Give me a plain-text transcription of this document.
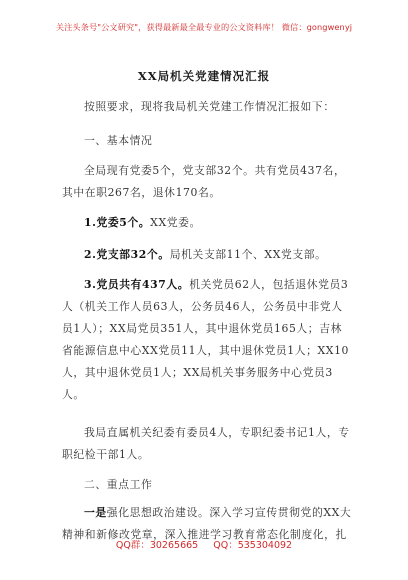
关注头条号"公文研究"，获得最新最全最专业的公文资料库！ 微信：gongwenyj
XX局机关党建情况汇报
按照要求，现将我局机关党建工作情况汇报如下：
一、基本情况
全局现有党委5个，党支部32个。共有党员437名，其中在职267名，退休170名。
1.党委5个。XX党委。
2.党支部32个。局机关支部11个、XX党支部。
3.党员共有437人。机关党员62人，包括退休党员3人（机关工作人员63人，公务员46人，公务员中非党人员1人）；XX局党员351人，其中退休党员165人；吉林省能源信息中心XX党员11人，其中退休党员1人；XX10人，其中退休党员1人；XX局机关事务服务中心党员3人。
我局直属机关纪委有委员4人，专职纪委书记1人，专职纪检干部1人。
二、重点工作
一是强化思想政治建设。深入学习宣传贯彻党的XX大精神和新修改党章，深入推进学习教育常态化制度化，扎
QQ群：30265665 QQ：535304092
